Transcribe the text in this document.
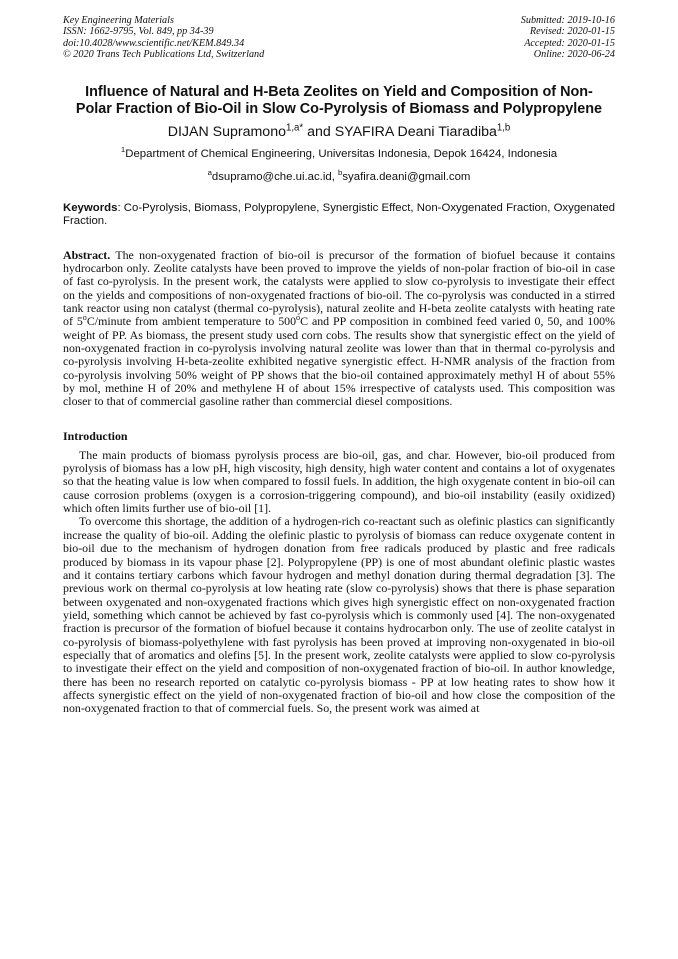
Key Engineering Materials
ISSN: 1662-9795, Vol. 849, pp 34-39
doi:10.4028/www.scientific.net/KEM.849.34
© 2020 Trans Tech Publications Ltd, Switzerland
Submitted: 2019-10-16
Revised: 2020-01-15
Accepted: 2020-01-15
Online: 2020-06-24
Influence of Natural and H-Beta Zeolites on Yield and Composition of Non-Polar Fraction of Bio-Oil in Slow Co-Pyrolysis of Biomass and Polypropylene
DIJAN Supramono$^{1,a*}$ and SYAFIRA Deani Tiaradiba$^{1,b}$
$^1$Department of Chemical Engineering, Universitas Indonesia, Depok 16424, Indonesia
$^a$dsupramo@che.ui.ac.id, $^b$syafira.deani@gmail.com
Keywords: Co-Pyrolysis, Biomass, Polypropylene, Synergistic Effect, Non-Oxygenated Fraction, Oxygenated Fraction.
Abstract. The non-oxygenated fraction of bio-oil is precursor of the formation of biofuel because it contains hydrocarbon only. Zeolite catalysts have been proved to improve the yields of non-polar fraction of bio-oil in case of fast co-pyrolysis. In the present work, the catalysts were applied to slow co-pyrolysis to investigate their effect on the yields and compositions of non-oxygenated fractions of bio-oil. The co-pyrolysis was conducted in a stirred tank reactor using non catalyst (thermal co-pyrolysis), natural zeolite and H-beta zeolite catalysts with heating rate of 5$^o$C/minute from ambient temperature to 500$^o$C and PP composition in combined feed varied 0, 50, and 100% weight of PP. As biomass, the present study used corn cobs. The results show that synergistic effect on the yield of non-oxygenated fraction in co-pyrolysis involving natural zeolite was lower than that in thermal co-pyrolysis and co-pyrolysis involving H-beta-zeolite exhibited negative synergistic effect. H-NMR analysis of the fraction from co-pyrolysis involving 50% weight of PP shows that the bio-oil contained approximately methyl H of about 55% by mol, methine H of 20% and methylene H of about 15% irrespective of catalysts used. This composition was closer to that of commercial gasoline rather than commercial diesel compositions.
Introduction
The main products of biomass pyrolysis process are bio-oil, gas, and char. However, bio-oil produced from pyrolysis of biomass has a low pH, high viscosity, high density, high water content and contains a lot of oxygenates so that the heating value is low when compared to fossil fuels. In addition, the high oxygenate content in bio-oil can cause corrosion problems (oxygen is a corrosion-triggering compound), and bio-oil instability (easily oxidized) which often limits further use of bio-oil [1].
To overcome this shortage, the addition of a hydrogen-rich co-reactant such as olefinic plastics can significantly increase the quality of bio-oil. Adding the olefinic plastic to pyrolysis of biomass can reduce oxygenate content in bio-oil due to the mechanism of hydrogen donation from free radicals produced by plastic and free radicals produced by biomass in its vapour phase [2]. Polypropylene (PP) is one of most abundant olefinic plastic wastes and it contains tertiary carbons which favour hydrogen and methyl donation during thermal degradation [3]. The previous work on thermal co-pyrolysis at low heating rate (slow co-pyrolysis) shows that there is phase separation between oxygenated and non-oxygenated fractions which gives high synergistic effect on non-oxygenated fraction yield, something which cannot be achieved by fast co-pyrolysis which is commonly used [4]. The non-oxygenated fraction is precursor of the formation of biofuel because it contains hydrocarbon only. The use of zeolite catalyst in co-pyrolysis of biomass-polyethylene with fast pyrolysis has been proved at improving non-oxygenated in bio-oil especially that of aromatics and olefins [5]. In the present work, zeolite catalysts were applied to slow co-pyrolysis to investigate their effect on the yield and composition of non-oxygenated fraction of bio-oil. In author knowledge, there has been no research reported on catalytic co-pyrolysis biomass - PP at low heating rates to show how it affects synergistic effect on the yield of non-oxygenated fraction of bio-oil and how close the composition of the non-oxygenated fraction to that of commercial fuels. So, the present work was aimed at
